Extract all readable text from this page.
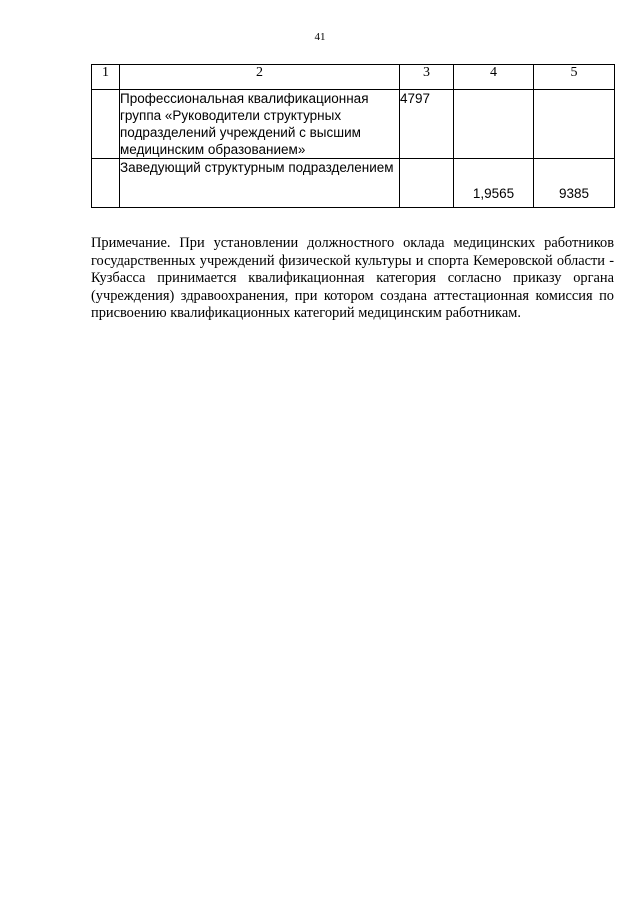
41
1	2	3	4	5
	Профессиональная квалификационная группа «Руководители структурных подразделений учреждений с высшим медицинским образованием»	4797		
	Заведующий структурным подразделением		1,9565	9385
Примечание. При установлении должностного оклада медицинских работников государственных учреждений физической культуры и спорта Кемеровской области - Кузбасса принимается квалификационная категория согласно приказу органа (учреждения) здравоохранения, при котором создана аттестационная комиссия по присвоению квалификационных категорий медицинским работникам.
